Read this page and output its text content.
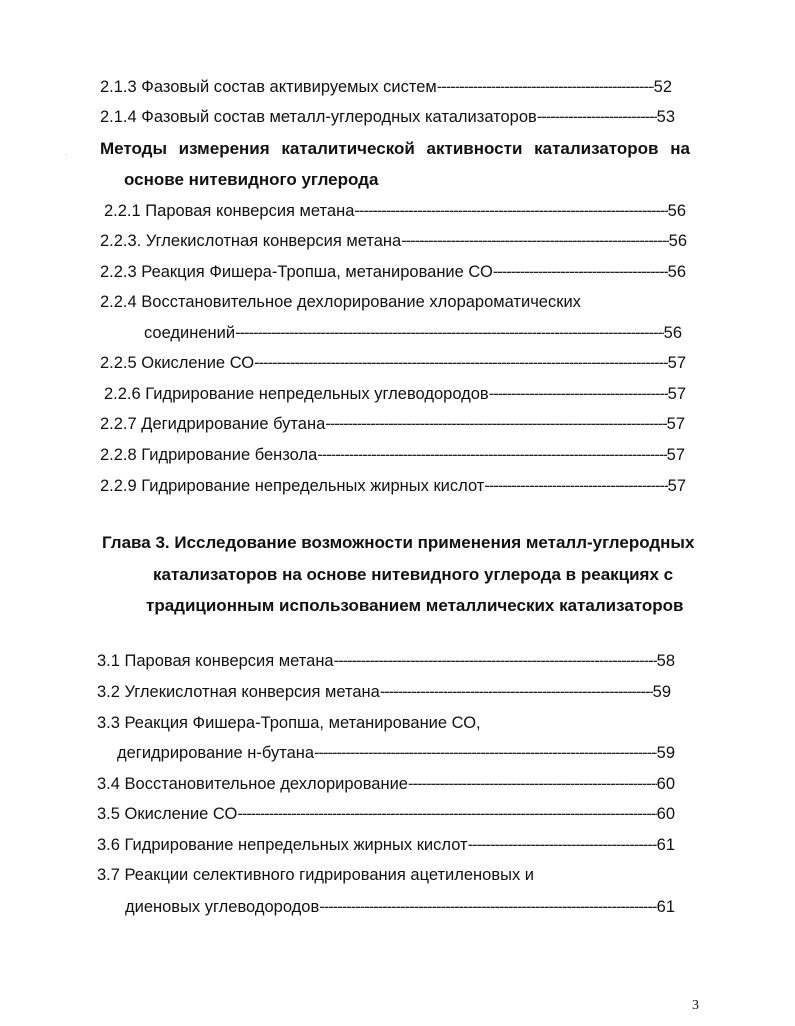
2.1.3 Фазовый состав активируемых систем -----	52
2.1.4 Фазовый состав металл-углеродных катализаторов -----	53
· Методы измерения каталитической активности катализаторов на
основе нитевидного углерода
2.2.1 Паровая конверсия метана -----	56
2.2.3. Углекислотная конверсия метана -----	56
2.2.3 Реакция Фишера-Тропша, метанирование СО -----	56
2.2.4 Восстановительное дехлорирование хлорароматических
соединений -----	56
2.2.5 Окисление СО -----	57
2.2.6 Гидрирование непредельных углеводородов -----	57
2.2.7 Дегидрирование бутана -----	57
2.2.8 Гидрирование бензола -----	57
2.2.9 Гидрирование непредельных жирных кислот -----	57
Глава 3. Исследование возможности применения металл-углеродных
катализаторов на основе нитевидного углерода в реакциях с
традиционным использованием металлических катализаторов
3.1 Паровая конверсия метана -----	58
3.2 Углекислотная конверсия метана -----	59
3.3 Реакция Фишера-Тропша, метанирование СО,
дегидрирование н-бутана -----	59
3.4 Восстановительное дехлорирование -----	60
3.5 Окисление СО -----	60
3.6 Гидрирование непредельных жирных кислот -----	61
3.7 Реакции селективного гидрирования ацетиленовых и
диеновых углеводородов -----	61
3
